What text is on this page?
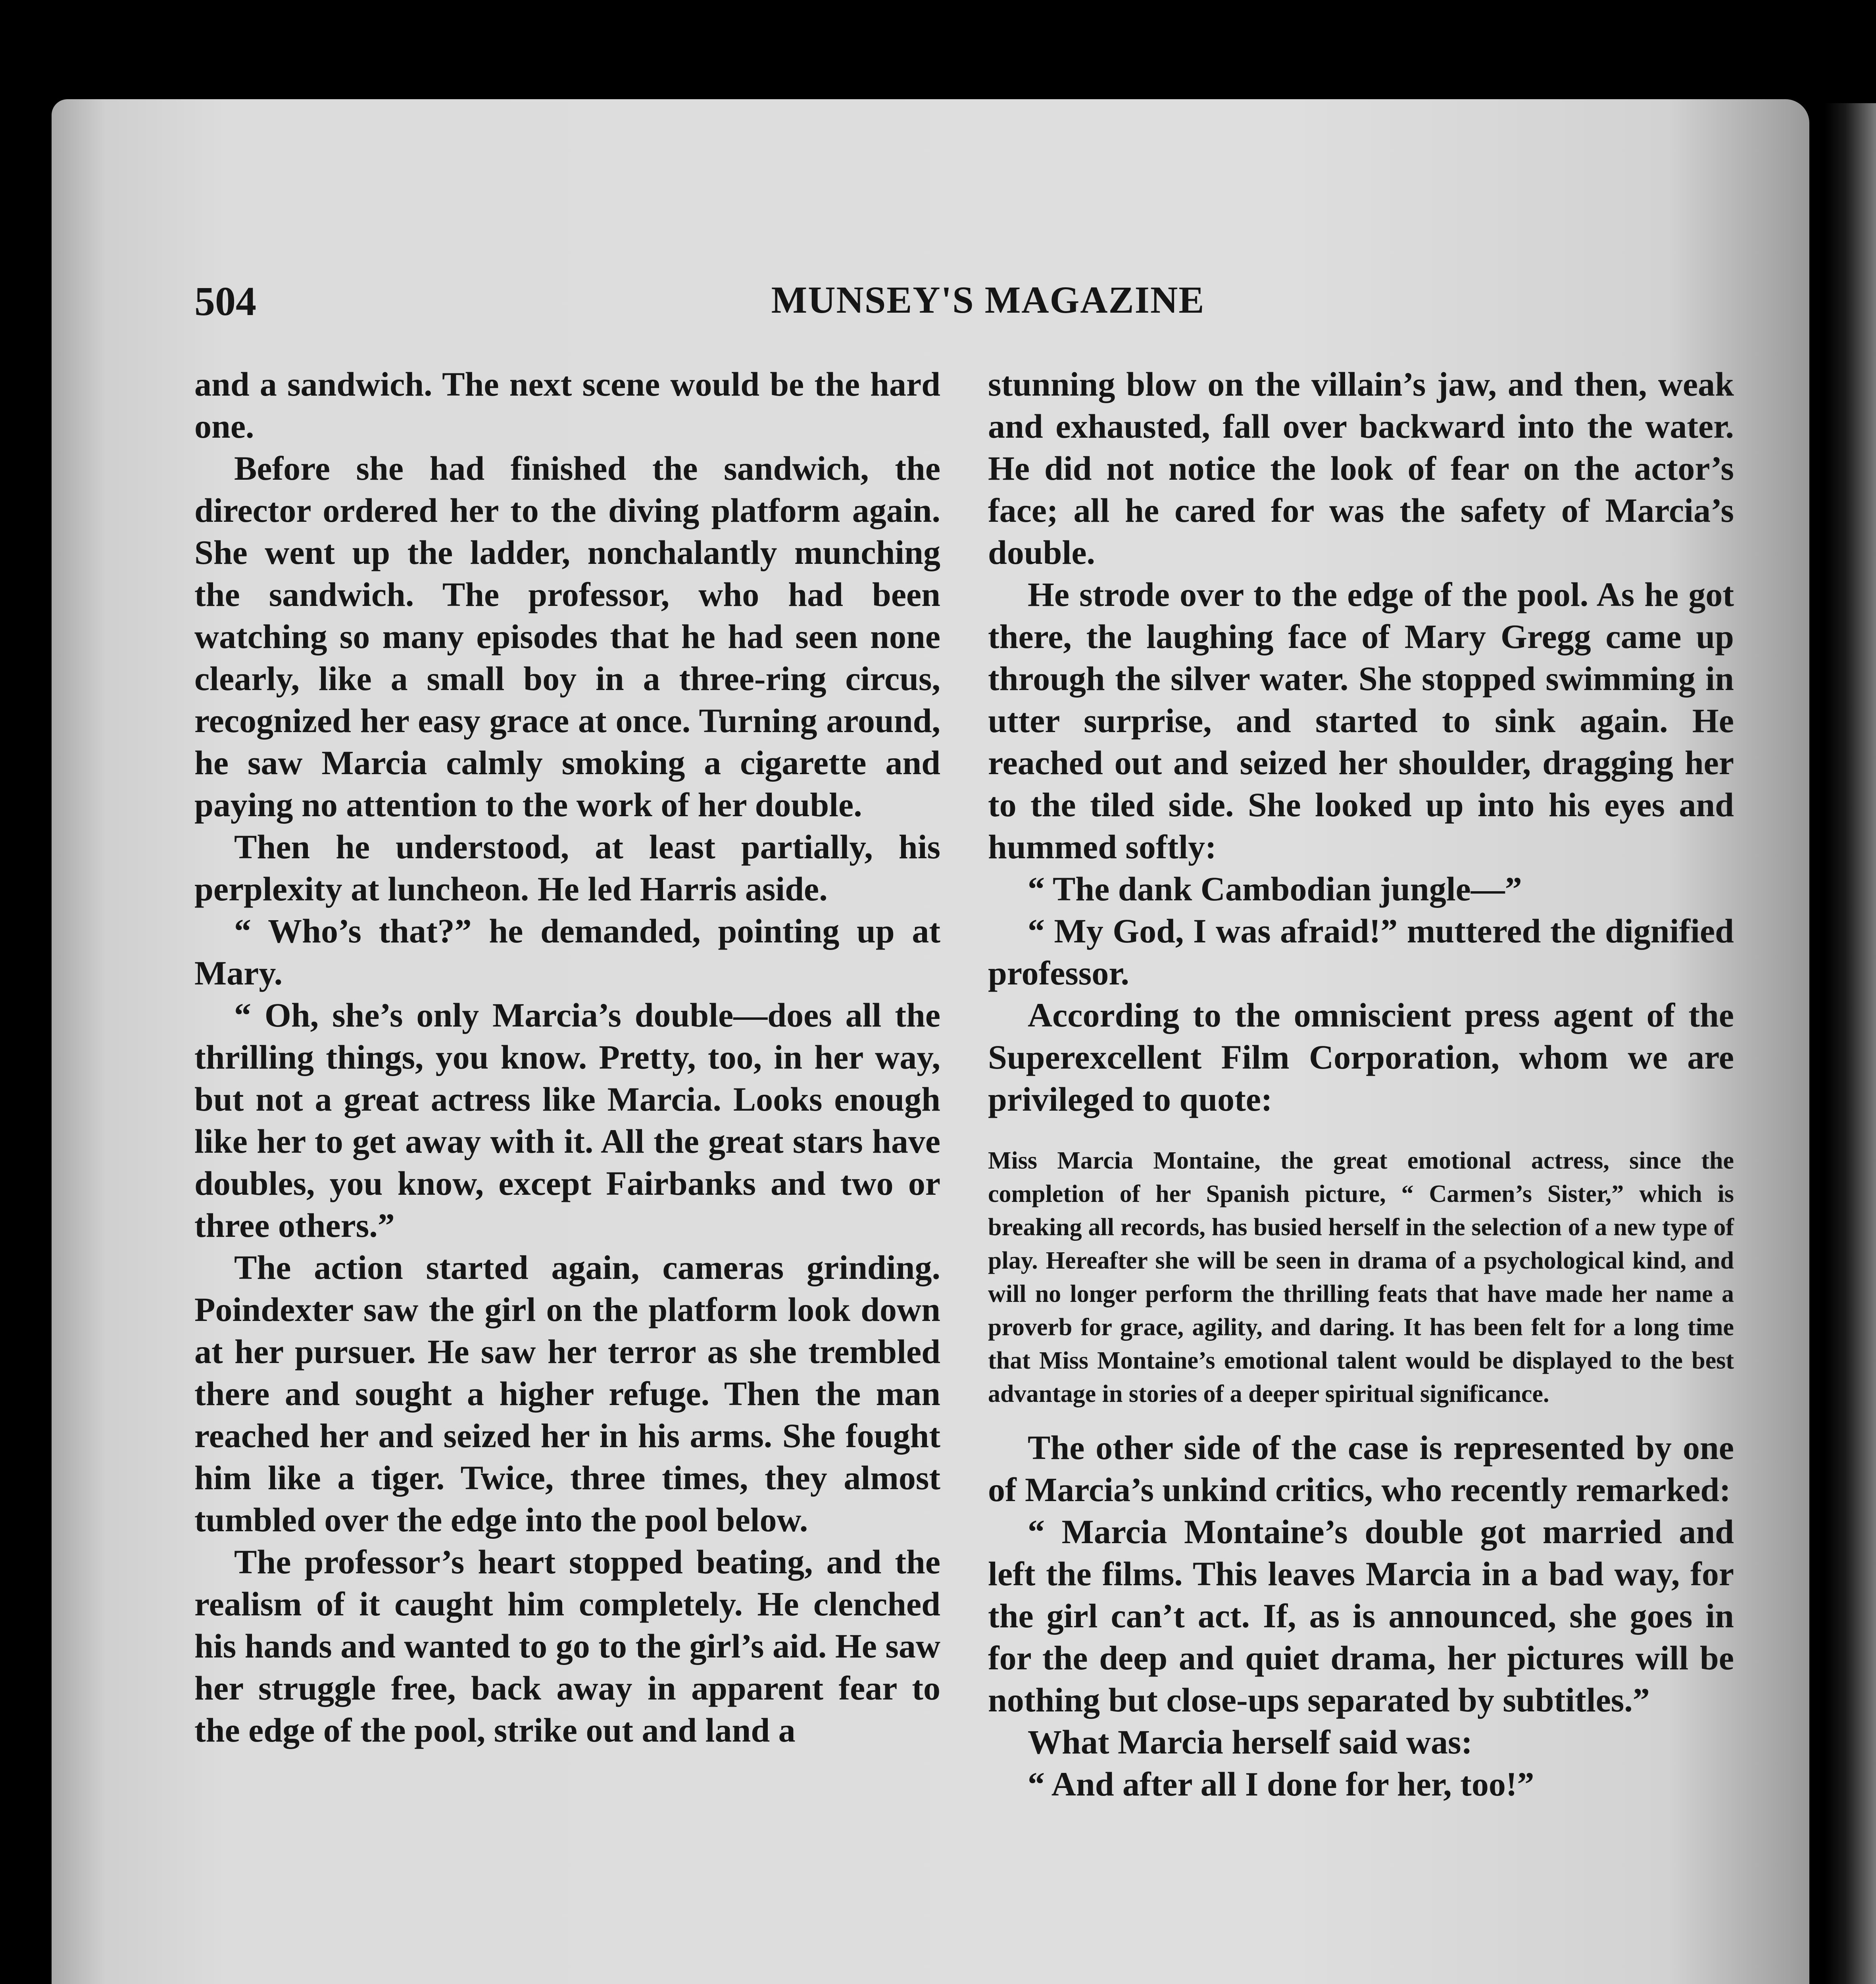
504	MUNSEY'S MAGAZINE

and a sandwich. The next scene would be the hard one.

Before she had finished the sandwich, the director ordered her to the diving platform again. She went up the ladder, nonchalantly munching the sandwich. The professor, who had been watching so many episodes that he had seen none clearly, like a small boy in a three-ring circus, recognized her easy grace at once. Turning around, he saw Marcia calmly smoking a cigarette and paying no attention to the work of her double.

Then he understood, at least partially, his perplexity at luncheon. He led Harris aside.

“ Who’s that?” he demanded, pointing up at Mary.

“ Oh, she’s only Marcia’s double—does all the thrilling things, you know. Pretty, too, in her way, but not a great actress like Marcia. Looks enough like her to get away with it. All the great stars have doubles, you know, except Fairbanks and two or three others.”

The action started again, cameras grinding. Poindexter saw the girl on the platform look down at her pursuer. He saw her terror as she trembled there and sought a higher refuge. Then the man reached her and seized her in his arms. She fought him like a tiger. Twice, three times, they almost tumbled over the edge into the pool below.

The professor’s heart stopped beating, and the realism of it caught him completely. He clenched his hands and wanted to go to the girl’s aid. He saw her struggle free, back away in apparent fear to the edge of the pool, strike out and land a

stunning blow on the villain’s jaw, and then, weak and exhausted, fall over backward into the water. He did not notice the look of fear on the actor’s face; all he cared for was the safety of Marcia’s double.

He strode over to the edge of the pool. As he got there, the laughing face of Mary Gregg came up through the silver water. She stopped swimming in utter surprise, and started to sink again. He reached out and seized her shoulder, dragging her to the tiled side. She looked up into his eyes and hummed softly:

“ The dank Cambodian jungle—”

“ My God, I was afraid!” muttered the dignified professor.

According to the omniscient press agent of the Superexcellent Film Corporation, whom we are privileged to quote:

Miss Marcia Montaine, the great emotional actress, since the completion of her Spanish picture, “ Carmen’s Sister,” which is breaking all records, has busied herself in the selection of a new type of play. Hereafter she will be seen in drama of a psychological kind, and will no longer perform the thrilling feats that have made her name a proverb for grace, agility, and daring. It has been felt for a long time that Miss Montaine’s emotional talent would be displayed to the best advantage in stories of a deeper spiritual significance.

The other side of the case is represented by one of Marcia’s unkind critics, who recently remarked:

“ Marcia Montaine’s double got married and left the films. This leaves Marcia in a bad way, for the girl can’t act. If, as is announced, she goes in for the deep and quiet drama, her pictures will be nothing but close-ups separated by subtitles.”

What Marcia herself said was:

“ And after all I done for her, too!”
